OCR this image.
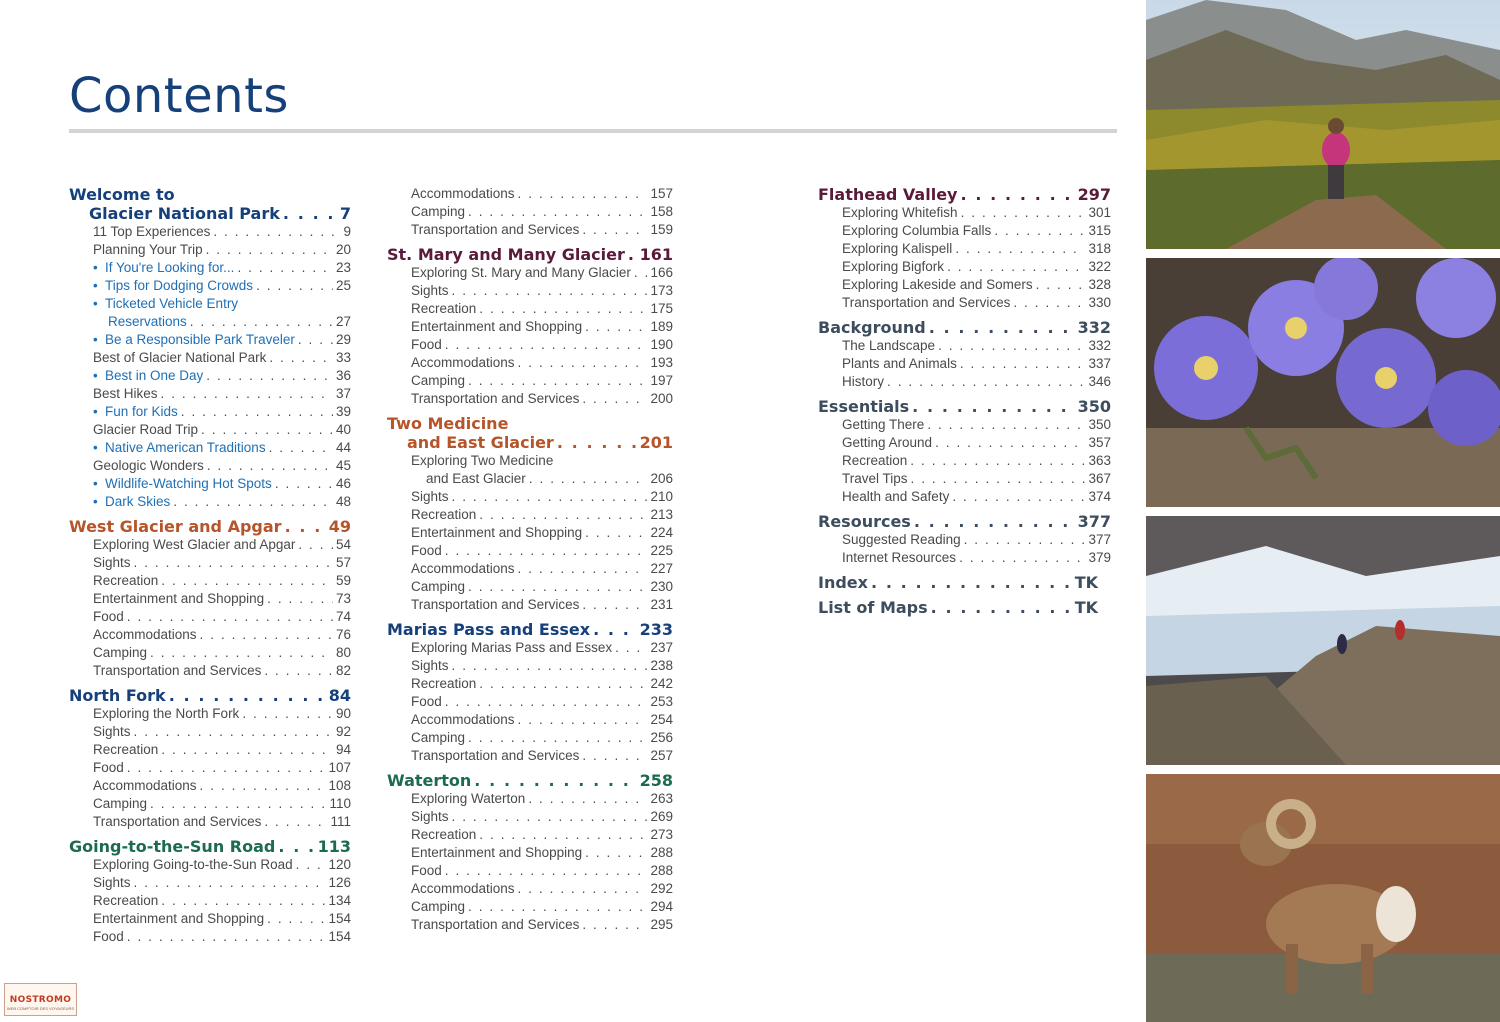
Contents
Welcome to
Glacier National Park . . .	7
11 Top Experiences . . .	9
Planning Your Trip . . .	20
• If You're Looking for... . . .	23
• Tips for Dodging Crowds . . .	25
• Ticketed Vehicle Entry
Reservations . . .	27
• Be a Responsible Park Traveler . . .	29
Best of Glacier National Park . . .	33
• Best in One Day . . .	36
Best Hikes . . .	37
• Fun for Kids . . .	39
Glacier Road Trip . . .	40
• Native American Traditions . . .	44
Geologic Wonders . . .	45
• Wildlife-Watching Hot Spots . . .	46
• Dark Skies . . .	48
West Glacier and Apgar . . .	49
Exploring West Glacier and Apgar . . .	54
Sights . . .	57
Recreation . . .	59
Entertainment and Shopping . . .	73
Food . . .	74
Accommodations . . .	76
Camping . . .	80
Transportation and Services . . .	82
North Fork . . .	84
Exploring the North Fork . . .	90
Sights . . .	92
Recreation . . .	94
Food . . .	107
Accommodations . . .	108
Camping . . .	110
Transportation and Services . . .	111
Going-to-the-Sun Road . . .	113
Exploring Going-to-the-Sun Road . . .	120
Sights . . .	126
Recreation . . .	134
Entertainment and Shopping . . .	154
Food . . .	154
Accommodations . . .	157
Camping . . .	158
Transportation and Services . . .	159
St. Mary and Many Glacier . . . 161
Exploring St. Mary and Many Glacier . . . 166
Sights . . .	173
Recreation . . .	175
Entertainment and Shopping . . .	189
Food . . .	190
Accommodations . . .	193
Camping . . .	197
Transportation and Services . . .	200
Two Medicine
and East Glacier . . .	201
Exploring Two Medicine
and East Glacier . . .	206
Sights . . .	210
Recreation . . .	213
Entertainment and Shopping . . .	224
Food . . .	225
Accommodations . . .	227
Camping . . .	230
Transportation and Services . . .	231
Marias Pass and Essex . . .	233
Exploring Marias Pass and Essex . . .	237
Sights . . .	238
Recreation . . .	242
Food . . .	253
Accommodations . . .	254
Camping . . .	256
Transportation and Services . . .	257
Waterton . . .	258
Exploring Waterton . . .	263
Sights . . .	269
Recreation . . .	273
Entertainment and Shopping . . .	288
Food . . .	288
Accommodations . . .	292
Camping . . .	294
Transportation and Services . . .	295
Flathead Valley . . .	297
Exploring Whitefish . . .	301
Exploring Columbia Falls . . .	315
Exploring Kalispell . . .	318
Exploring Bigfork . . .	322
Exploring Lakeside and Somers . . .	328
Transportation and Services . . .	330
Background . . .	332
The Landscape . . .	332
Plants and Animals . . .	337
History . . .	346
Essentials . . .	350
Getting There . . .	350
Getting Around . . .	357
Recreation . . .	363
Travel Tips . . .	367
Health and Safety . . .	374
Resources . . .	377
Suggested Reading . . .	377
Internet Resources . . .	379
Index . . .	TK
List of Maps . . .	TK
NOSTROMO
WEB COMPTOIR DES VOYAGEURS
